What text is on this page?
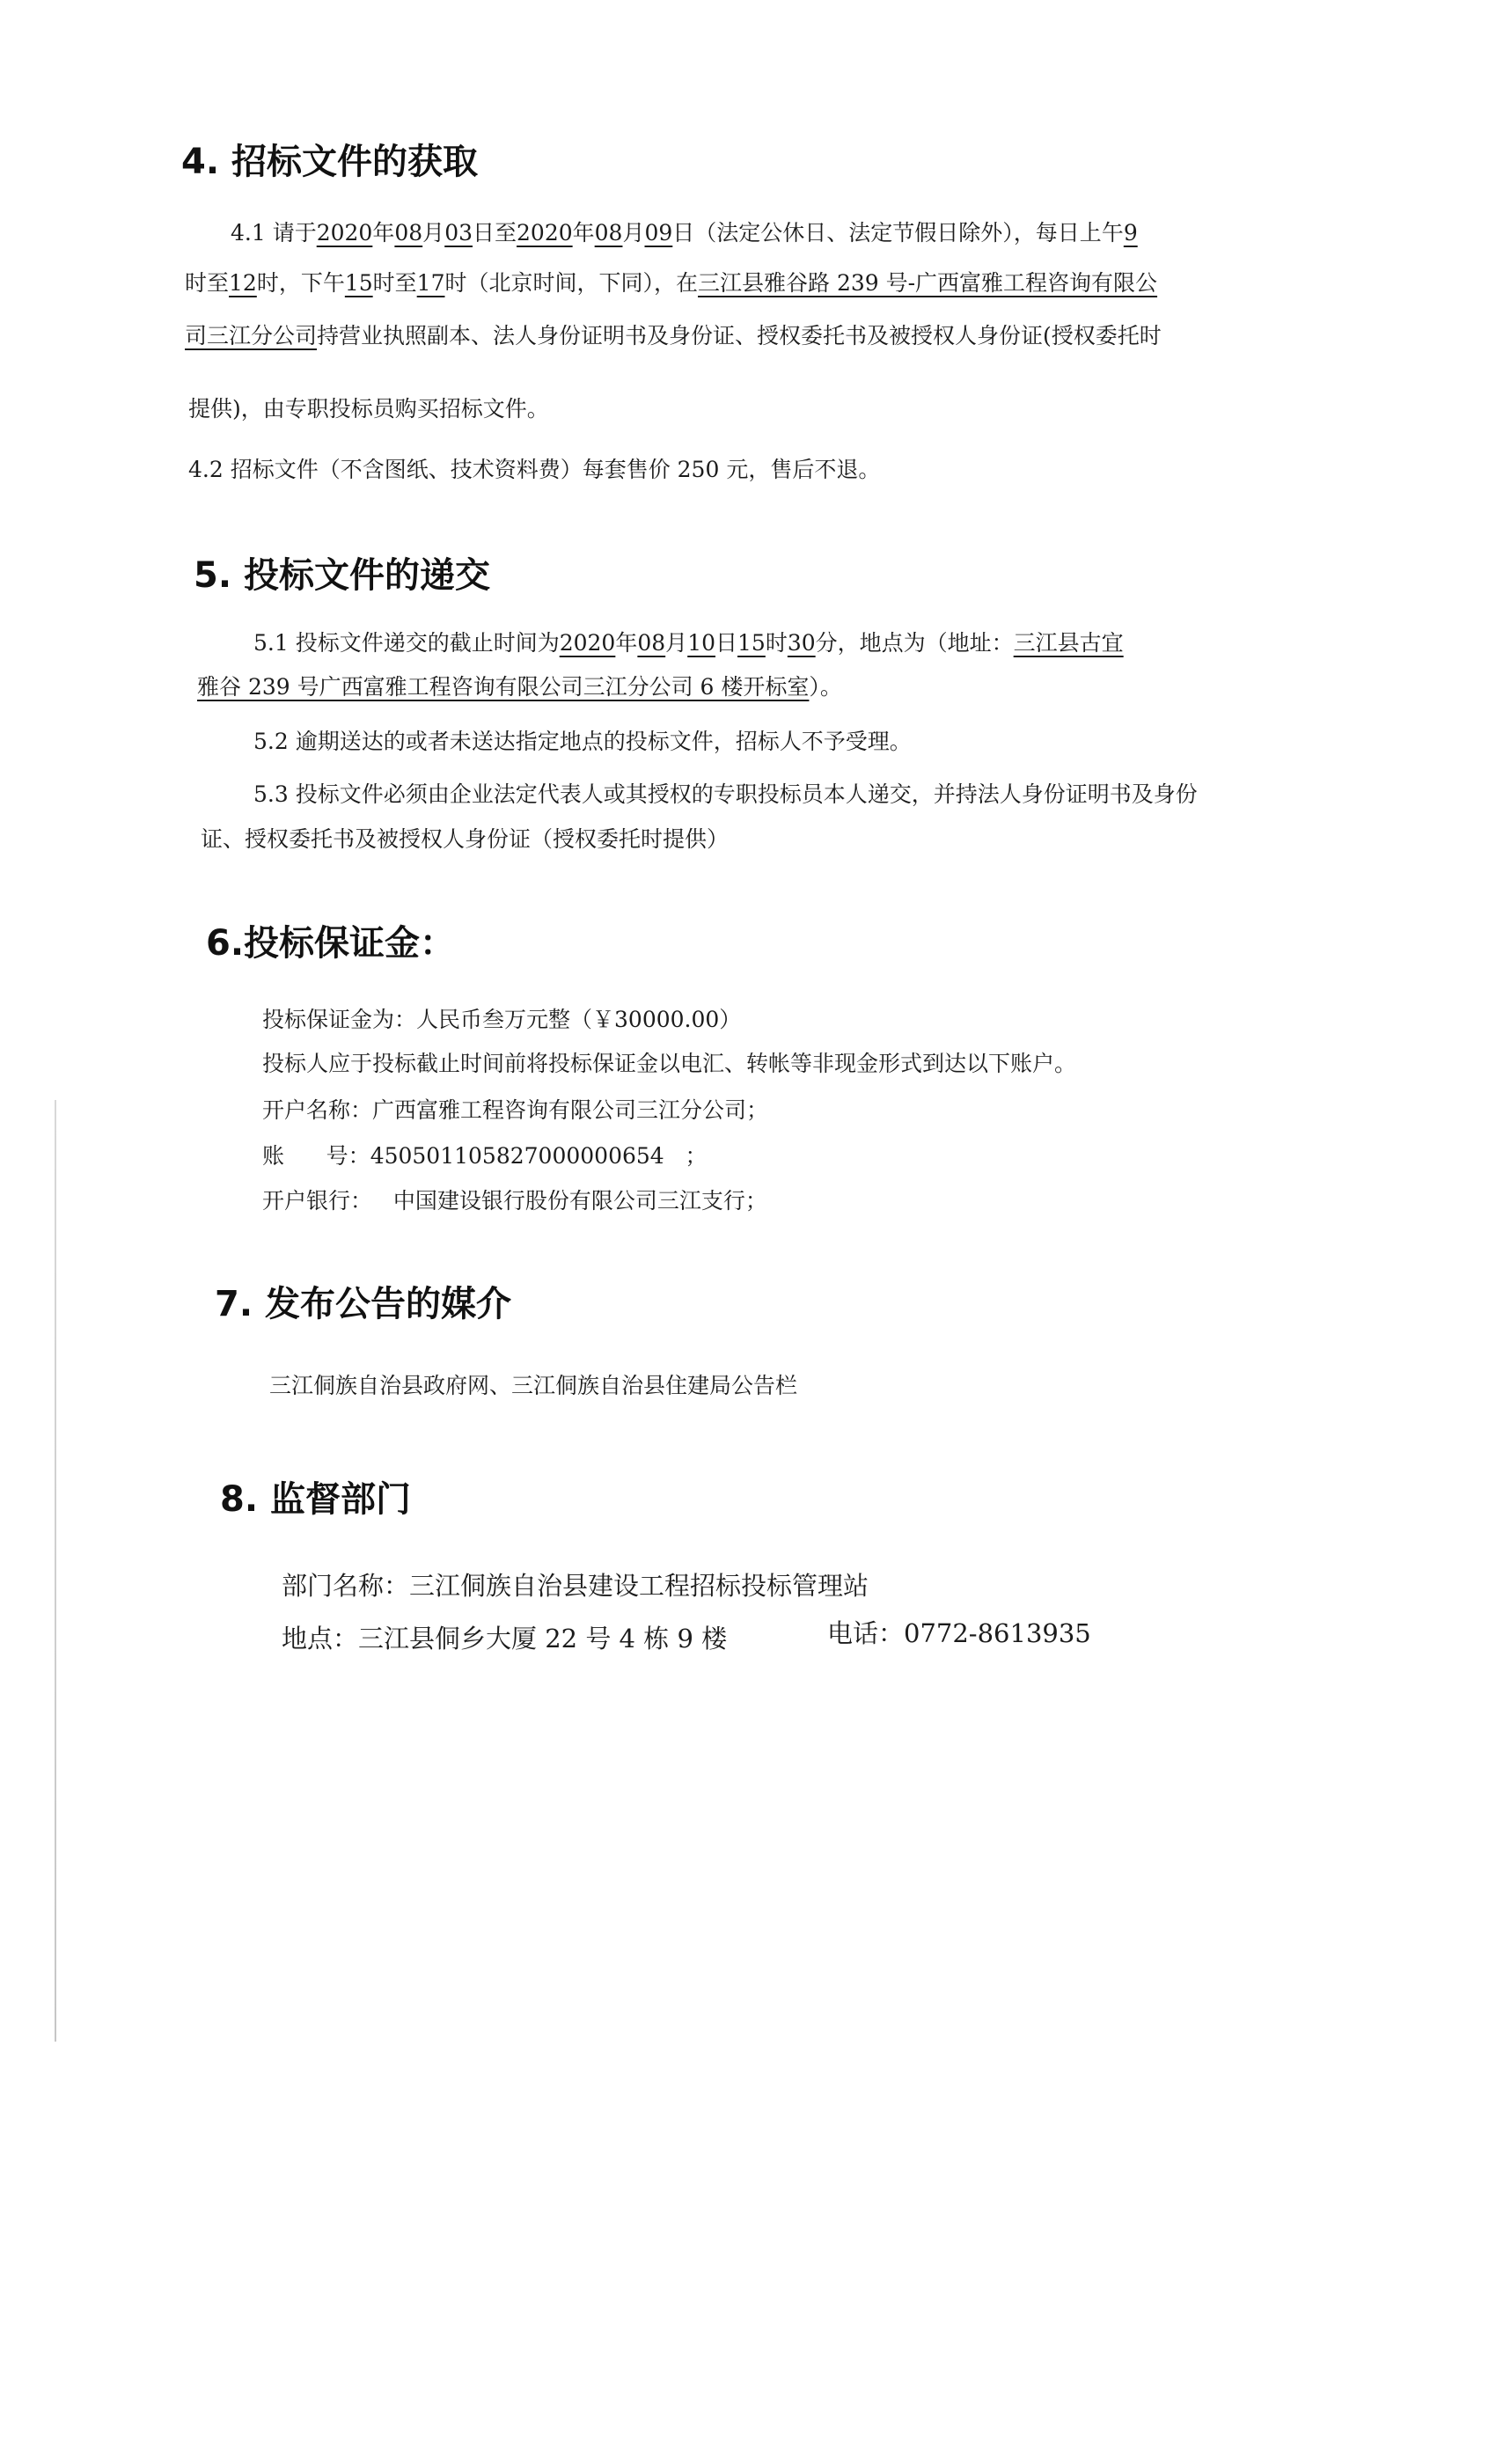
4. 招标文件的获取
4.1 请于2020年08月03日至2020年08月09日（法定公休日、法定节假日除外），每日上午9
时至12时，下午15时至17时（北京时间，下同），在三江县雅谷路 239 号-广西富雅工程咨询有限公
司三江分公司持营业执照副本、法人身份证明书及身份证、授权委托书及被授权人身份证(授权委托时
提供)，由专职投标员购买招标文件。
4.2 招标文件（不含图纸、技术资料费）每套售价 250 元，售后不退。
5. 投标文件的递交
5.1 投标文件递交的截止时间为2020年08月10日15时30分，地点为（地址：三江县古宜
雅谷 239 号广西富雅工程咨询有限公司三江分公司 6 楼开标室）。
5.2 逾期送达的或者未送达指定地点的投标文件，招标人不予受理。
5.3 投标文件必须由企业法定代表人或其授权的专职投标员本人递交，并持法人身份证明书及身份
证、授权委托书及被授权人身份证（授权委托时提供）
6.投标保证金：
投标保证金为：人民币叁万元整（￥30000.00）
投标人应于投标截止时间前将投标保证金以电汇、转帐等非现金形式到达以下账户。
开户名称：广西富雅工程咨询有限公司三江分公司；
账      号：450501105827000000654   ；
开户银行：   中国建设银行股份有限公司三江支行；
7. 发布公告的媒介
三江侗族自治县政府网、三江侗族自治县住建局公告栏
8. 监督部门
部门名称：三江侗族自治县建设工程招标投标管理站
地点：三江县侗乡大厦 22 号 4 栋 9 楼	电话：0772-8613935
